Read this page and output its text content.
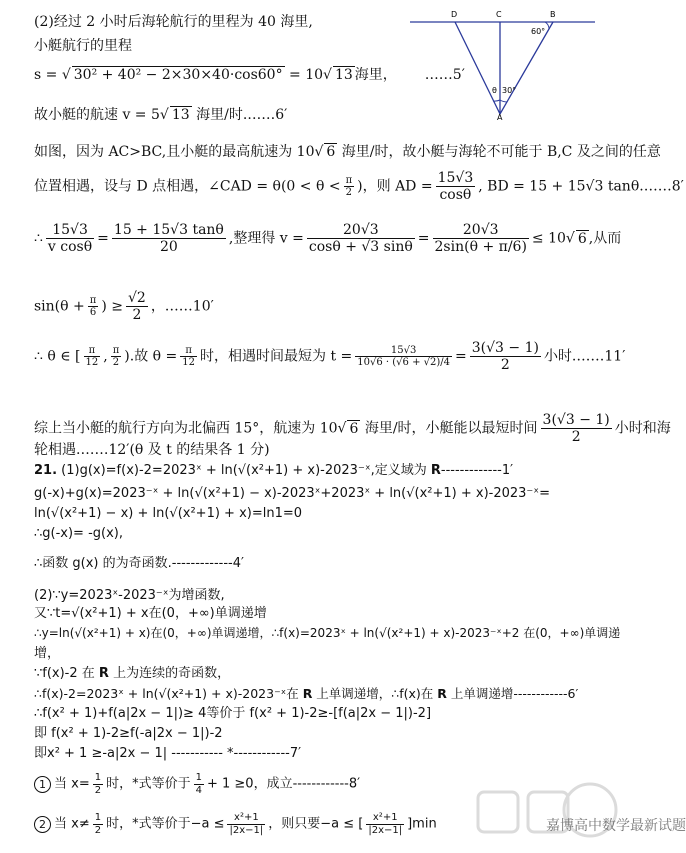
D	C	B
A
60°
θ 30°
(2)经过 2 小时后海轮航行的里程为 40 海里,
小艇航行的里程
s = √ 30² + 40² − 2×30×40·cos60° = 10√ 13 海里， ……5′
故小艇的航速 v = 5√ 13 海里/时.……6′
如图，因为 AC>BC,且小艇的最高航速为 10√ 6 海里/时，故小艇与海轮不可能于 B,C 及之间的任意
位置相遇，设与 D 点相遇，∠CAD = $\theta(0 < \theta < \frac{\pi}{2}$ )，则 AD = $\frac{15√3}{\cos\theta}$ , BD = 15 + 15√3 tanθ.……8′
∴ $\frac{15√3}{\text{v cosθ}} = \frac{15 + 15√3 \tan\theta}{20}$ ,整理得 $v = \frac{20√3}{\cos\theta + √3 \sin\theta} = \frac{20√3}{2\sin(\theta + \pi/6)} \le 10√$ 6 ,从而
$\sin(\theta + \frac{\pi}{6}$ ) ≥ $\frac{√2}{2}$ ，……10′
∴ θ ∈ [ $\frac{\pi}{12}$ , $\frac{\pi}{2}$ ).故 $\theta = \frac{\pi}{12}$ 时，相遇时间最短为 $t = \frac{15√3}{10√6 \cdot (√6 + √2)/4} = \frac{3(√3 - 1)}{2}$ 小时.……11′
综上当小艇的航行方向为北偏西 15°，航速为 10√ 6 海里/时，小艇能以最短时间 $\frac{3(√3 - 1)}{2}$ 小时和海
轮相遇.……12′(θ 及 t 的结果各 1 分)
21. (1)g(x)=f(x)-2=2023ˣ + ln(√(x²+1) + x)-2023⁻ˣ,定义域为 R-------------1′
g(-x)+g(x)=2023⁻ˣ + ln(√(x²+1) − x)-2023ˣ+2023ˣ + ln(√(x²+1) + x)-2023⁻ˣ=
ln(√(x²+1) − x) + ln(√(x²+1) + x)=ln1=0
∴g(-x)= -g(x),
∴函数 g(x) 的为奇函数.-------------4′
(2)∵y=2023ˣ-2023⁻ˣ为增函数,
又∵t=√(x²+1) + x在(0，+∞)单调递增
∴y=ln(√(x²+1) + x)在(0，+∞)单调递增，∴f(x)=2023ˣ + ln(√(x²+1) + x)-2023⁻ˣ+2 在(0，+∞)单调递
增，
∵f(x)-2 在 R 上为连续的奇函数，
∴f(x)-2=2023ˣ + ln(√(x²+1) + x)-2023⁻ˣ在 R 上单调递增，∴f(x)在 R 上单调递增------------6′
∴f(x² + 1)+f(a|2x − 1|)≥ 4等价于 f(x² + 1)-2≥-[f(a|2x − 1|)-2]
即 f(x² + 1)-2≥f(-a|2x − 1|)-2
即x² + 1 ≥-a|2x − 1| ----------- *------------7′
1 当 $x= \frac{1}{2}$ 时，*式等价于 $\frac{1}{4} + 1 \ge 0$，成立------------8′
2 当 $x\ne \frac{1}{2}$ 时，*式等价于$-a \le \frac{\text{x²+1}}{|2x-1|}$ ，则只要−a ≤ [ $\frac{\text{x²+1}}{|2x-1|} ]\min$	嘉博高中数学最新试题
